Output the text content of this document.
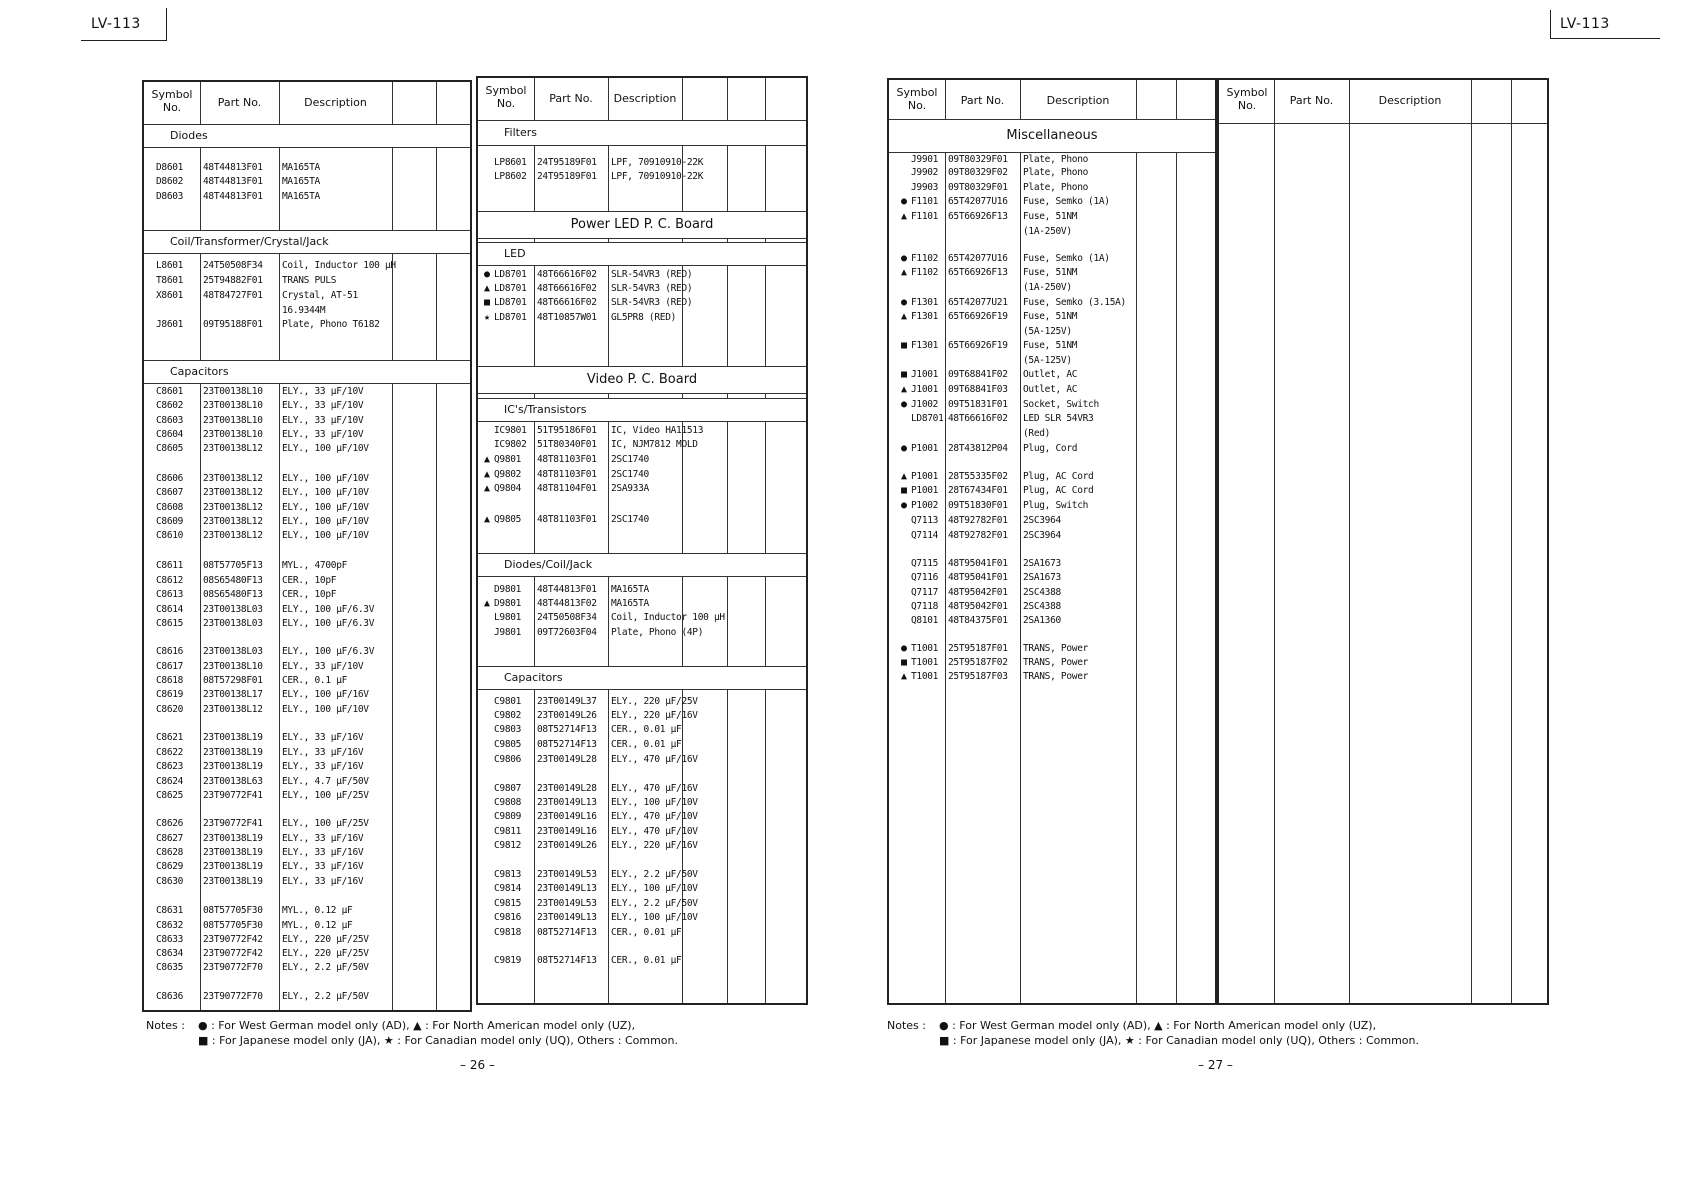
LV-113	LV-113
Symbol No.	Part No.	Description
Diodes
D8601 48T44813F01 MA165TA
D8602 48T44813F01 MA165TA
D8603 48T44813F01 MA165TA
Coil/Transformer/Crystal/Jack
L8601 24T50508F34 Coil, Inductor 100 μH
T8601 25T94882F01 TRANS PULS
X8601 48T84727F01 Crystal, AT-51
16.9344M
J8601 09T95188F01 Plate, Phono T6182
Capacitors
C8601 23T00138L10 ELY., 33 μF/10V
C8602 23T00138L10 ELY., 33 μF/10V
C8603 23T00138L10 ELY., 33 μF/10V
C8604 23T00138L10 ELY., 33 μF/10V
C8605 23T00138L12 ELY., 100 μF/10V
C8606 23T00138L12 ELY., 100 μF/10V
C8607 23T00138L12 ELY., 100 μF/10V
C8608 23T00138L12 ELY., 100 μF/10V
C8609 23T00138L12 ELY., 100 μF/10V
C8610 23T00138L12 ELY., 100 μF/10V
C8611 08T57705F13 MYL., 4700pF
C8612 08S65480F13 CER., 10pF
C8613 08S65480F13 CER., 10pF
C8614 23T00138L03 ELY., 100 μF/6.3V
C8615 23T00138L03 ELY., 100 μF/6.3V
C8616 23T00138L03 ELY., 100 μF/6.3V
C8617 23T00138L10 ELY., 33 μF/10V
C8618 08T57298F01 CER., 0.1 μF
C8619 23T00138L17 ELY., 100 μF/16V
C8620 23T00138L12 ELY., 100 μF/10V
C8621 23T00138L19 ELY., 33 μF/16V
C8622 23T00138L19 ELY., 33 μF/16V
C8623 23T00138L19 ELY., 33 μF/16V
C8624 23T00138L63 ELY., 4.7 μF/50V
C8625 23T90772F41 ELY., 100 μF/25V
C8626 23T90772F41 ELY., 100 μF/25V
C8627 23T00138L19 ELY., 33 μF/16V
C8628 23T00138L19 ELY., 33 μF/16V
C8629 23T00138L19 ELY., 33 μF/16V
C8630 23T00138L19 ELY., 33 μF/16V
C8631 08T57705F30 MYL., 0.12 μF
C8632 08T57705F30 MYL., 0.12 μF
C8633 23T90772F42 ELY., 220 μF/25V
C8634 23T90772F42 ELY., 220 μF/25V
C8635 23T90772F70 ELY., 2.2 μF/50V
C8636 23T90772F70 ELY., 2.2 μF/50V
Symbol No.	Part No.	Description
Filters
LP8601 24T95189F01 LPF, 70910910-22K
LP8602 24T95189F01 LPF, 70910910-22K
Power LED P. C. Board
LED
● LD8701 48T66616F02 SLR-54VR3 (RED)
▲ LD8701 48T66616F02 SLR-54VR3 (RED)
■ LD8701 48T66616F02 SLR-54VR3 (RED)
★ LD8701 48T10857W01 GL5PR8 (RED)
Video P. C. Board
IC's/Transistors
IC9801 51T95186F01 IC, Video HA11513
IC9802 51T80340F01 IC, NJM7812 MOLD
▲ Q9801 48T81103F01 2SC1740
▲ Q9802 48T81103F01 2SC1740
▲ Q9804 48T81104F01 2SA933A
▲ Q9805 48T81103F01 2SC1740
Diodes/Coil/Jack
D9801 48T44813F01 MA165TA
▲ D9801 48T44813F02 MA165TA
L9801 24T50508F34 Coil, Inductor 100 μH
J9801 09T72603F04 Plate, Phono (4P)
Capacitors
C9801 23T00149L37 ELY., 220 μF/25V
C9802 23T00149L26 ELY., 220 μF/16V
C9803 08T52714F13 CER., 0.01 μF
C9805 08T52714F13 CER., 0.01 μF
C9806 23T00149L28 ELY., 470 μF/16V
C9807 23T00149L28 ELY., 470 μF/16V
C9808 23T00149L13 ELY., 100 μF/10V
C9809 23T00149L16 ELY., 470 μF/10V
C9811 23T00149L16 ELY., 470 μF/10V
C9812 23T00149L26 ELY., 220 μF/16V
C9813 23T00149L53 ELY., 2.2 μF/50V
C9814 23T00149L13 ELY., 100 μF/10V
C9815 23T00149L53 ELY., 2.2 μF/50V
C9816 23T00149L13 ELY., 100 μF/10V
C9818 08T52714F13 CER., 0.01 μF
C9819 08T52714F13 CER., 0.01 μF
Symbol No.	Part No.	Description
Miscellaneous
J9901 09T80329F01 Plate, Phono
J9902 09T80329F02 Plate, Phono
J9903 09T80329F01 Plate, Phono
● F1101 65T42077U16 Fuse, Semko (1A)
▲ F1101 65T66926F13 Fuse, 51NM
(1A-250V)
● F1102 65T42077U16 Fuse, Semko (1A)
▲ F1102 65T66926F13 Fuse, 51NM
(1A-250V)
● F1301 65T42077U21 Fuse, Semko (3.15A)
▲ F1301 65T66926F19 Fuse, 51NM
(5A-125V)
■ F1301 65T66926F19 Fuse, 51NM
(5A-125V)
■ J1001 09T68841F02 Outlet, AC
▲ J1001 09T68841F03 Outlet, AC
● J1002 09T51831F01 Socket, Switch
LD8701 48T66616F02 LED SLR 54VR3
(Red)
● P1001 28T43812P04 Plug, Cord
▲ P1001 28T55335F02 Plug, AC Cord
■ P1001 28T67434F01 Plug, AC Cord
● P1002 09T51830F01 Plug, Switch
Q7113 48T92782F01 2SC3964
Q7114 48T92782F01 2SC3964
Q7115 48T95041F01 2SA1673
Q7116 48T95041F01 2SA1673
Q7117 48T95042F01 2SC4388
Q7118 48T95042F01 2SC4388
Q8101 48T84375F01 2SA1360
● T1001 25T95187F01 TRANS, Power
■ T1001 25T95187F02 TRANS, Power
▲ T1001 25T95187F03 TRANS, Power
Symbol No.	Part No.	Description
Notes : ● : For West German model only (AD), ▲ : For North American model only (UZ),

■ : For Japanese model only (JA), ★ : For Canadian model only (UQ), Others : Common.
Notes : ● : For West German model only (AD), ▲ : For North American model only (UZ),

■ : For Japanese model only (JA), ★ : For Canadian model only (UQ), Others : Common.
– 26 –	– 27 –
